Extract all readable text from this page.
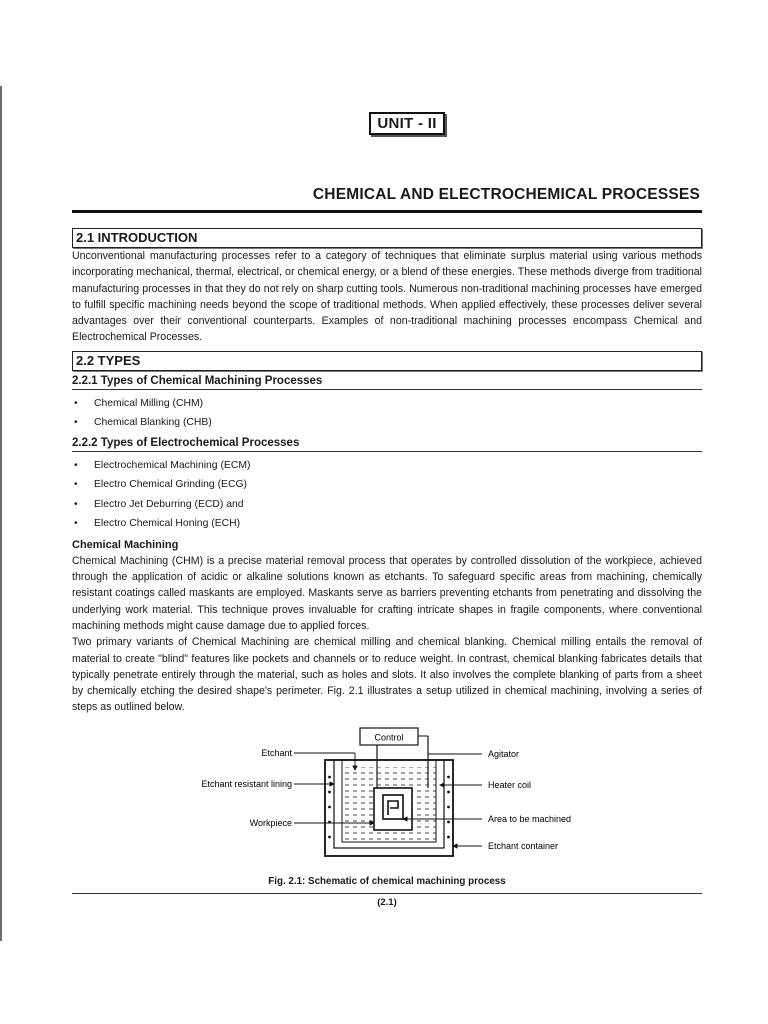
UNIT - II
CHEMICAL AND ELECTROCHEMICAL PROCESSES
2.1 INTRODUCTION

Unconventional manufacturing processes refer to a category of techniques that eliminate surplus material using various methods incorporating mechanical, thermal, electrical, or chemical energy, or a blend of these energies. These methods diverge from traditional manufacturing processes in that they do not rely on sharp cutting tools. Numerous non-traditional machining processes have emerged to fulfill specific machining needs beyond the scope of traditional methods. When applied effectively, these processes deliver several advantages over their conventional counterparts. Examples of non-traditional machining processes encompass Chemical and Electrochemical Processes.

2.2 TYPES
2.2.1 Types of Chemical Machining Processes
• Chemical Milling (CHM)
• Chemical Blanking (CHB)
2.2.2 Types of Electrochemical Processes
• Electrochemical Machining (ECM)
• Electro Chemical Grinding (ECG)
• Electro Jet Deburring (ECD) and
• Electro Chemical Honing (ECH)
Chemical Machining

Chemical Machining (CHM) is a precise material removal process that operates by controlled dissolution of the workpiece, achieved through the application of acidic or alkaline solutions known as etchants. To safeguard specific areas from machining, chemically resistant coatings called maskants are employed. Maskants serve as barriers preventing etchants from penetrating and dissolving the underlying work material. This technique proves invaluable for crafting intricate shapes in fragile components, where conventional machining methods might cause damage due to applied forces.

Two primary variants of Chemical Machining are chemical milling and chemical blanking. Chemical milling entails the removal of material to create "blind" features like pockets and channels or to reduce weight. In contrast, chemical blanking fabricates details that typically penetrate entirely through the material, such as holes and slots. It also involves the complete blanking of parts from a sheet by chemically etching the desired shape's perimeter. Fig. 2.1 illustrates a setup utilized in chemical machining, involving a series of steps as outlined below.

Control
Etchant
Etchant resistant lining
Workpiece
Agitator
Heater coil
Area to be machined
Etchant container
Fig. 2.1: Schematic of chemical machining process
(2.1)
